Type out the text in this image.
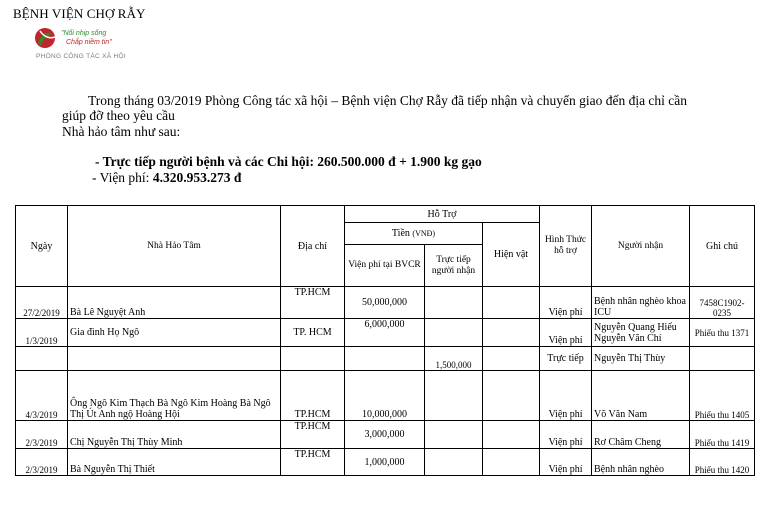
BỆNH VIỆN CHỢ RẪY
"Nối nhịp sống
Chắp niềm tin"
PHÒNG CÔNG TÁC XÃ HỘI
Trong tháng 03/2019 Phòng Công tác xã hội – Bệnh viện Chợ Rẫy đã tiếp nhận và chuyển giao đến địa chỉ cần giúp đỡ theo yêu cầu
Nhà hảo tâm như sau:
- Trực tiếp người bệnh và các Chi hội: 260.500.000 đ + 1.900 kg gạo
- Viện phí: 4.320.953.273 đ
Ngày	Nhà Hảo Tâm	Địa chỉ	Hỗ Trợ			Hình Thức hỗ trợ	Người nhận	Ghi chú
			Tiền (VNĐ)		Hiện vật			
			Viện phí tại BVCR	Trực tiếp người nhận				
27/2/2019	Bà Lê Nguyệt Anh	TP.HCM	50,000,000			Viện phí	Bệnh nhân nghèo khoa ICU	7458C1902-0235
1/3/2019	Gia đình Họ Ngô	TP. HCM	6,000,000			Viện phí	Nguyễn Quang Hiếu Nguyễn Văn Chí	Phiếu thu 1371
				1,500,000		Trực tiếp	Nguyễn Thị Thùy	
4/3/2019	Ông Ngô Kim Thạch Bà Ngô Kim Hoàng Bà Ngô Thị Út Anh ngộ Hoàng Hội	TP.HCM	10,000,000			Viện phí	Võ Văn Nam	Phiếu thu 1405
2/3/2019	Chị Nguyễn Thị Thùy Minh	TP.HCM	3,000,000			Viện phí	Rơ Châm Cheng	Phiếu thu 1419
2/3/2019	Bà Nguyễn Thị Thiết	TP.HCM	1,000,000			Viện phí	Bệnh nhân nghèo	Phiếu thu 1420
